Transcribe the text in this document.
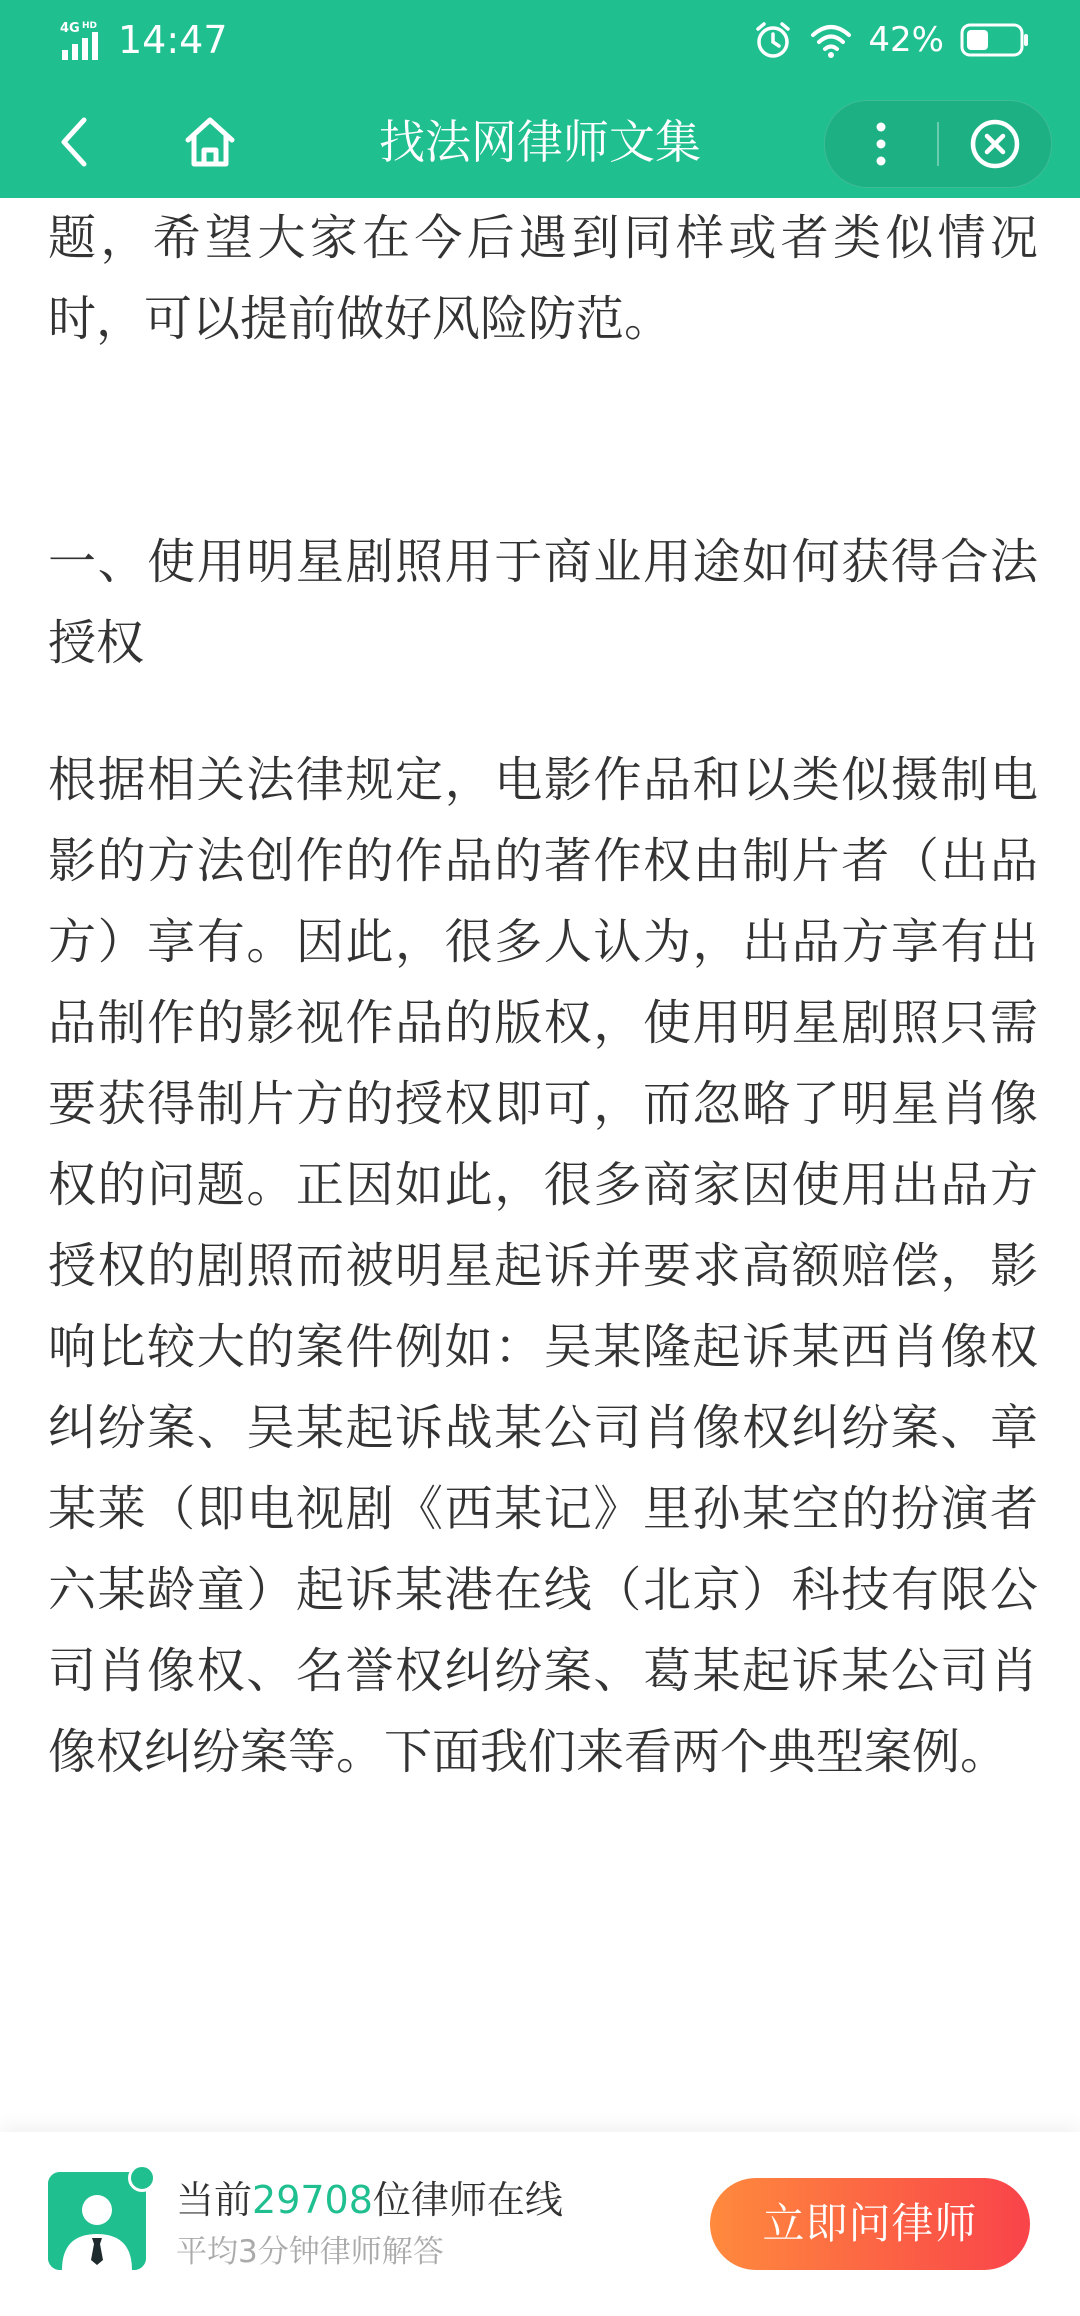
4G HD 14:47	42%
找法网律师文集

题，希望大家在今后遇到同样或者类似情况时，可以提前做好风险防范。

一、使用明星剧照用于商业用途如何获得合法授权

根据相关法律规定，电影作品和以类似摄制电影的方法创作的作品的著作权由制片者（出品方）享有。因此，很多人认为，出品方享有出品制作的影视作品的版权，使用明星剧照只需要获得制片方的授权即可，而忽略了明星肖像权的问题。正因如此，很多商家因使用出品方授权的剧照而被明星起诉并要求高额赔偿，影响比较大的案件例如：吴某隆起诉某西肖像权纠纷案、吴某起诉战某公司肖像权纠纷案、章某莱（即电视剧《西某记》里孙某空的扮演者六某龄童）起诉某港在线（北京）科技有限公司肖像权、名誉权纠纷案、葛某起诉某公司肖像权纠纷案等。下面我们来看两个典型案例。

当前29708位律师在线
平均3分钟律师解答
立即问律师
